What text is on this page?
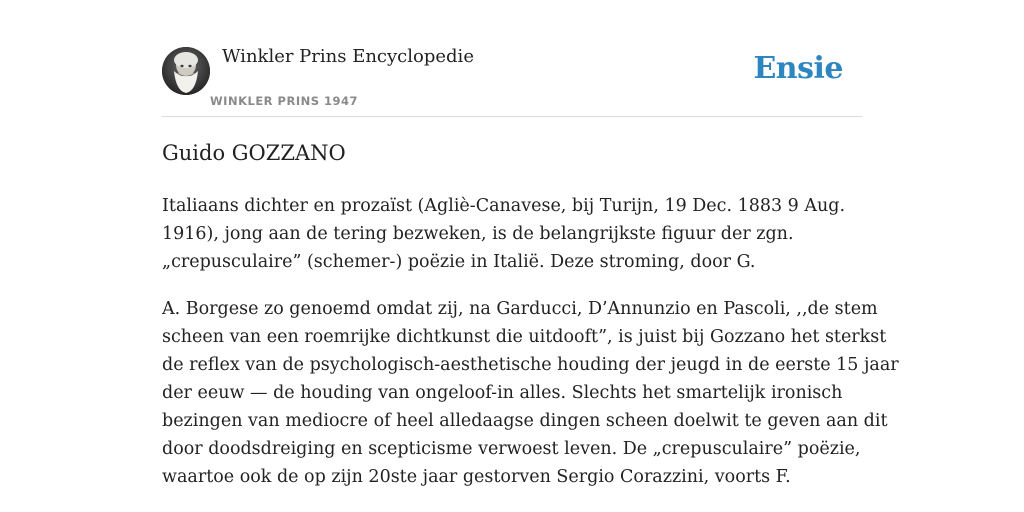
Winkler Prins Encyclopedie
WINKLER PRINS 1947
Ensie
Guido GOZZANO

Italiaans dichter en prozaïst (Agliè-Canavese, bij Turijn, 19 Dec. 1883 9 Aug.
1916), jong aan de tering bezweken, is de belangrijkste figuur der zgn.
„crepusculaire” (schemer-) poëzie in Italië. Deze stroming, door G.

A. Borgese zo genoemd omdat zij, na Garducci, D’Annunzio en Pascoli, ,,de stem
scheen van een roemrijke dichtkunst die uitdooft”, is juist bij Gozzano het sterkst
de reflex van de psychologisch-aesthetische houding der jeugd in de eerste 15 jaar
der eeuw — de houding van ongeloof-in alles. Slechts het smartelijk ironisch
bezingen van mediocre of heel alledaagse dingen scheen doelwit te geven aan dit
door doodsdreiging en scepticisme verwoest leven. De „crepusculaire” poëzie,
waartoe ook de op zijn 20ste jaar gestorven Sergio Corazzini, voorts F.
